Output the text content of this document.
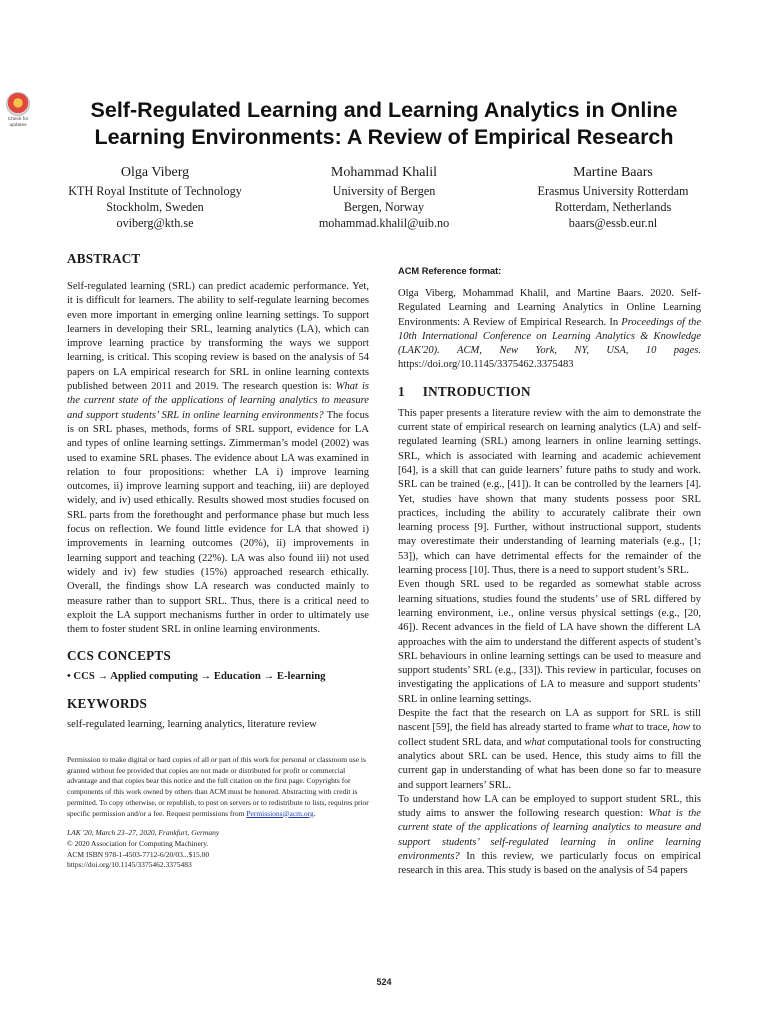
Check for
updates
Self-Regulated Learning and Learning Analytics in Online
Learning Environments: A Review of Empirical Research
Olga Viberg
KTH Royal Institute of Technology
Stockholm, Sweden
oviberg@kth.se
Mohammad Khalil
University of Bergen
Bergen, Norway
mohammad.khalil@uib.no
Martine Baars
Erasmus University Rotterdam
Rotterdam, Netherlands
baars@essb.eur.nl
ABSTRACT

Self-regulated learning (SRL) can predict academic performance. Yet, it is difficult for learners. The ability to self-regulate learning becomes even more important in emerging online learning settings. To support learners in developing their SRL, learning analytics (LA), which can improve learning practice by transforming the ways we support learning, is critical. This scoping review is based on the analysis of 54 papers on LA empirical research for SRL in online learning contexts published between 2011 and 2019. The research question is: What is the current state of the applications of learning analytics to measure and support students’ SRL in online learning environments? The focus is on SRL phases, methods, forms of SRL support, evidence for LA and types of online learning settings. Zimmerman’s model (2002) was used to examine SRL phases. The evidence about LA was examined in relation to four propositions: whether LA i) improve learning outcomes, ii) improve learning support and teaching, iii) are deployed widely, and iv) used ethically. Results showed most studies focused on SRL parts from the forethought and performance phase but much less focus on reflection. We found little evidence for LA that showed i) improvements in learning outcomes (20%), ii) improvements in learning support and teaching (22%). LA was also found iii) not used widely and iv) few studies (15%) approached research ethically. Overall, the findings show LA research was conducted mainly to measure rather than to support SRL. Thus, there is a critical need to exploit the LA support mechanisms further in order to ultimately use them to foster student SRL in online learning environments.

CCS CONCEPTS
• CCS → Applied computing → Education → E-learning
KEYWORDS
self-regulated learning, learning analytics, literature review

Permission to make digital or hard copies of all or part of this work for personal or classroom use is granted without fee provided that copies are not made or distributed for profit or commercial advantage and that copies bear this notice and the full citation on the first page. Copyrights for components of this work owned by others than ACM must be honored. Abstracting with credit is permitted. To copy otherwise, or republish, to post on servers or to redistribute to lists, requires prior specific permission and/or a fee. Request permissions from Permissions@acm.org.

LAK '20, March 23–27, 2020, Frankfurt, Germany

© 2020 Association for Computing Machinery.

ACM ISBN 978-1-4503-7712-6/20/03...$15.00

https://doi.org/10.1145/3375462.3375483

ACM Reference format:

Olga Viberg, Mohammad Khalil, and Martine Baars. 2020. Self-Regulated Learning and Learning Analytics in Online Learning Environments: A Review of Empirical Research. In Proceedings of the 10th International Conference on Learning Analytics & Knowledge (LAK'20). ACM, New York, NY, USA, 10 pages. https://doi.org/10.1145/3375462.3375483

1 INTRODUCTION

This paper presents a literature review with the aim to demonstrate the current state of empirical research on learning analytics (LA) and self-regulated learning (SRL) among learners in online learning settings. SRL, which is associated with learning and academic achievement [64], is a skill that can guide learners’ future paths to study and work. SRL can be trained (e.g., [41]). It can be controlled by the learners [4]. Yet, studies have shown that many students possess poor SRL practices, including the ability to accurately calibrate their own learning process [9]. Further, without instructional support, students may overestimate their understanding of learning materials (e.g., [1; 53]), which can have detrimental effects for the remainder of the learning process [10]. Thus, there is a need to support student’s SRL.

Even though SRL used to be regarded as somewhat stable across learning situations, studies found the students’ use of SRL differed by learning environment, i.e., online versus physical settings (e.g., [20, 46]). Recent advances in the field of LA have shown the different LA approaches with the aim to understand the different aspects of student’s SRL behaviours in online learning settings can be used to measure and support students’ SRL (e.g., [33]). This review in particular, focuses on investigating the applications of LA to measure and support students’ SRL in online learning settings.

Despite the fact that the research on LA as support for SRL is still nascent [59], the field has already started to frame what to trace, how to collect student SRL data, and what computational tools for constructing analytics about SRL can be used. Hence, this study aims to fill the current gap in understanding of what has been done so far to measure and support learners’ SRL.

To understand how LA can be employed to support student SRL, this study aims to answer the following research question: What is the current state of the applications of learning analytics to measure and support students’ self-regulated learning in online learning environments? In this review, we particularly focus on empirical research in this area. This study is based on the analysis of 54 papers

524
